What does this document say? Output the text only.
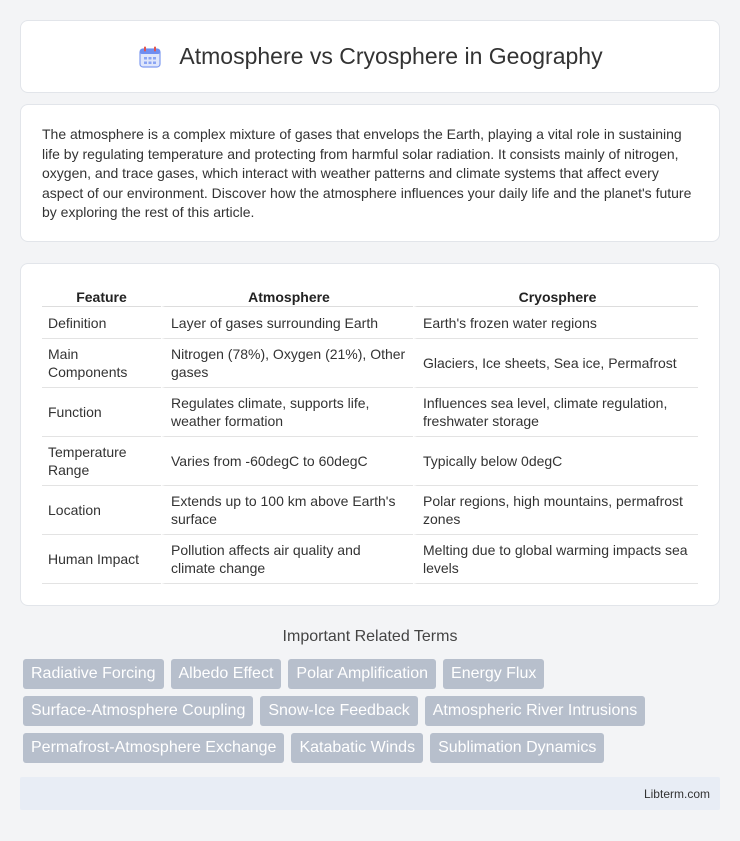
Atmosphere vs Cryosphere in Geography

The atmosphere is a complex mixture of gases that envelops the Earth, playing a vital role in sustaining life by regulating temperature and protecting from harmful solar radiation. It consists mainly of nitrogen, oxygen, and trace gases, which interact with weather patterns and climate systems that affect every aspect of our environment. Discover how the atmosphere influences your daily life and the planet's future by exploring the rest of this article.

Feature	Atmosphere	Cryosphere
Definition	Layer of gases surrounding Earth	Earth's frozen water regions
Main Components	Nitrogen (78%), Oxygen (21%), Other gases	Glaciers, Ice sheets, Sea ice, Permafrost
Function	Regulates climate, supports life, weather formation	Influences sea level, climate regulation, freshwater storage
Temperature Range	Varies from -60degC to 60degC	Typically below 0degC
Location	Extends up to 100 km above Earth's surface	Polar regions, high mountains, permafrost zones
Human Impact	Pollution affects air quality and climate change	Melting due to global warming impacts sea levels
Important Related Terms
Radiative Forcing	Albedo Effect	Polar Amplification	Energy Flux
Surface-Atmosphere Coupling	Snow-Ice Feedback	Atmospheric River Intrusions
Permafrost-Atmosphere Exchange	Katabatic Winds	Sublimation Dynamics
Libterm.com
